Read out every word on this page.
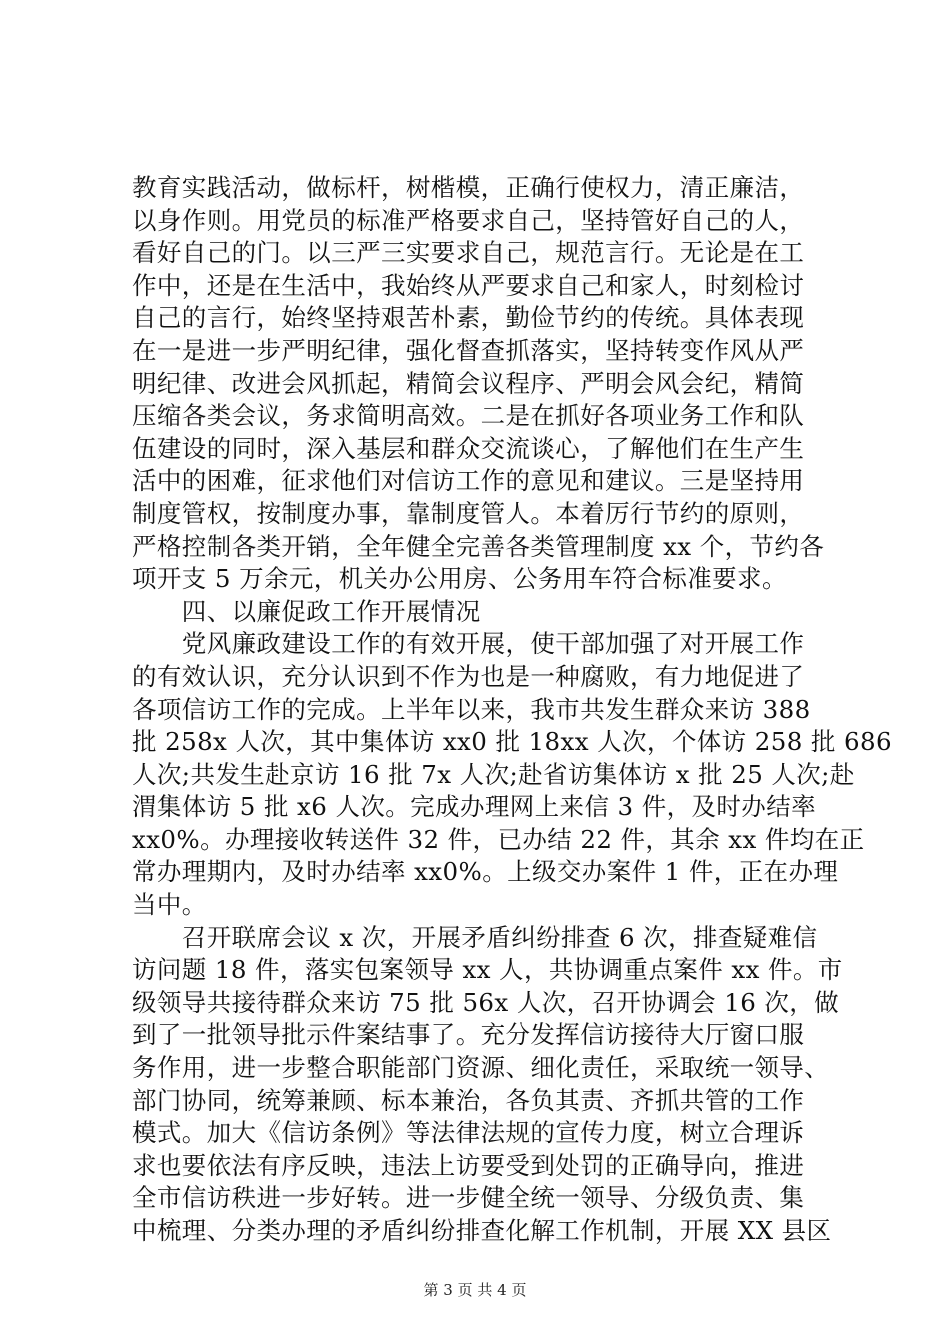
教育实践活动，做标杆，树楷模，正确行使权力，清正廉洁，
以身作则。用党员的标准严格要求自己，坚持管好自己的人，
看好自己的门。以三严三实要求自己，规范言行。无论是在工
作中，还是在生活中，我始终从严要求自己和家人，时刻检讨
自己的言行，始终坚持艰苦朴素，勤俭节约的传统。具体表现
在一是进一步严明纪律，强化督查抓落实，坚持转变作风从严
明纪律、改进会风抓起，精简会议程序、严明会风会纪，精简
压缩各类会议，务求简明高效。二是在抓好各项业务工作和队
伍建设的同时，深入基层和群众交流谈心，了解他们在生产生
活中的困难，征求他们对信访工作的意见和建议。三是坚持用
制度管权，按制度办事，靠制度管人。本着厉行节约的原则，
严格控制各类开销，全年健全完善各类管理制度 xx 个，节约各
项开支 5 万余元，机关办公用房、公务用车符合标准要求。
　　四、以廉促政工作开展情况
　　党风廉政建设工作的有效开展，使干部加强了对开展工作
的有效认识，充分认识到不作为也是一种腐败，有力地促进了
各项信访工作的完成。上半年以来，我市共发生群众来访 388
批 258x 人次，其中集体访 xx0 批 18xx 人次，个体访 258 批 686
人次;共发生赴京访 16 批 7x 人次;赴省访集体访 x 批 25 人次;赴
渭集体访 5 批 x6 人次。完成办理网上来信 3 件，及时办结率
xx0%。办理接收转送件 32 件，已办结 22 件，其余 xx 件均在正
常办理期内，及时办结率 xx0%。上级交办案件 1 件，正在办理
当中。
　　召开联席会议 x 次，开展矛盾纠纷排查 6 次，排查疑难信
访问题 18 件，落实包案领导 xx 人，共协调重点案件 xx 件。市
级领导共接待群众来访 75 批 56x 人次，召开协调会 16 次，做
到了一批领导批示件案结事了。充分发挥信访接待大厅窗口服
务作用，进一步整合职能部门资源、细化责任，采取统一领导、
部门协同，统筹兼顾、标本兼治，各负其责、齐抓共管的工作
模式。加大《信访条例》等法律法规的宣传力度，树立合理诉
求也要依法有序反映，违法上访要受到处罚的正确导向，推进
全市信访秩进一步好转。进一步健全统一领导、分级负责、集
中梳理、分类办理的矛盾纠纷排查化解工作机制，开展 XX 县区
第 3 页 共 4 页
